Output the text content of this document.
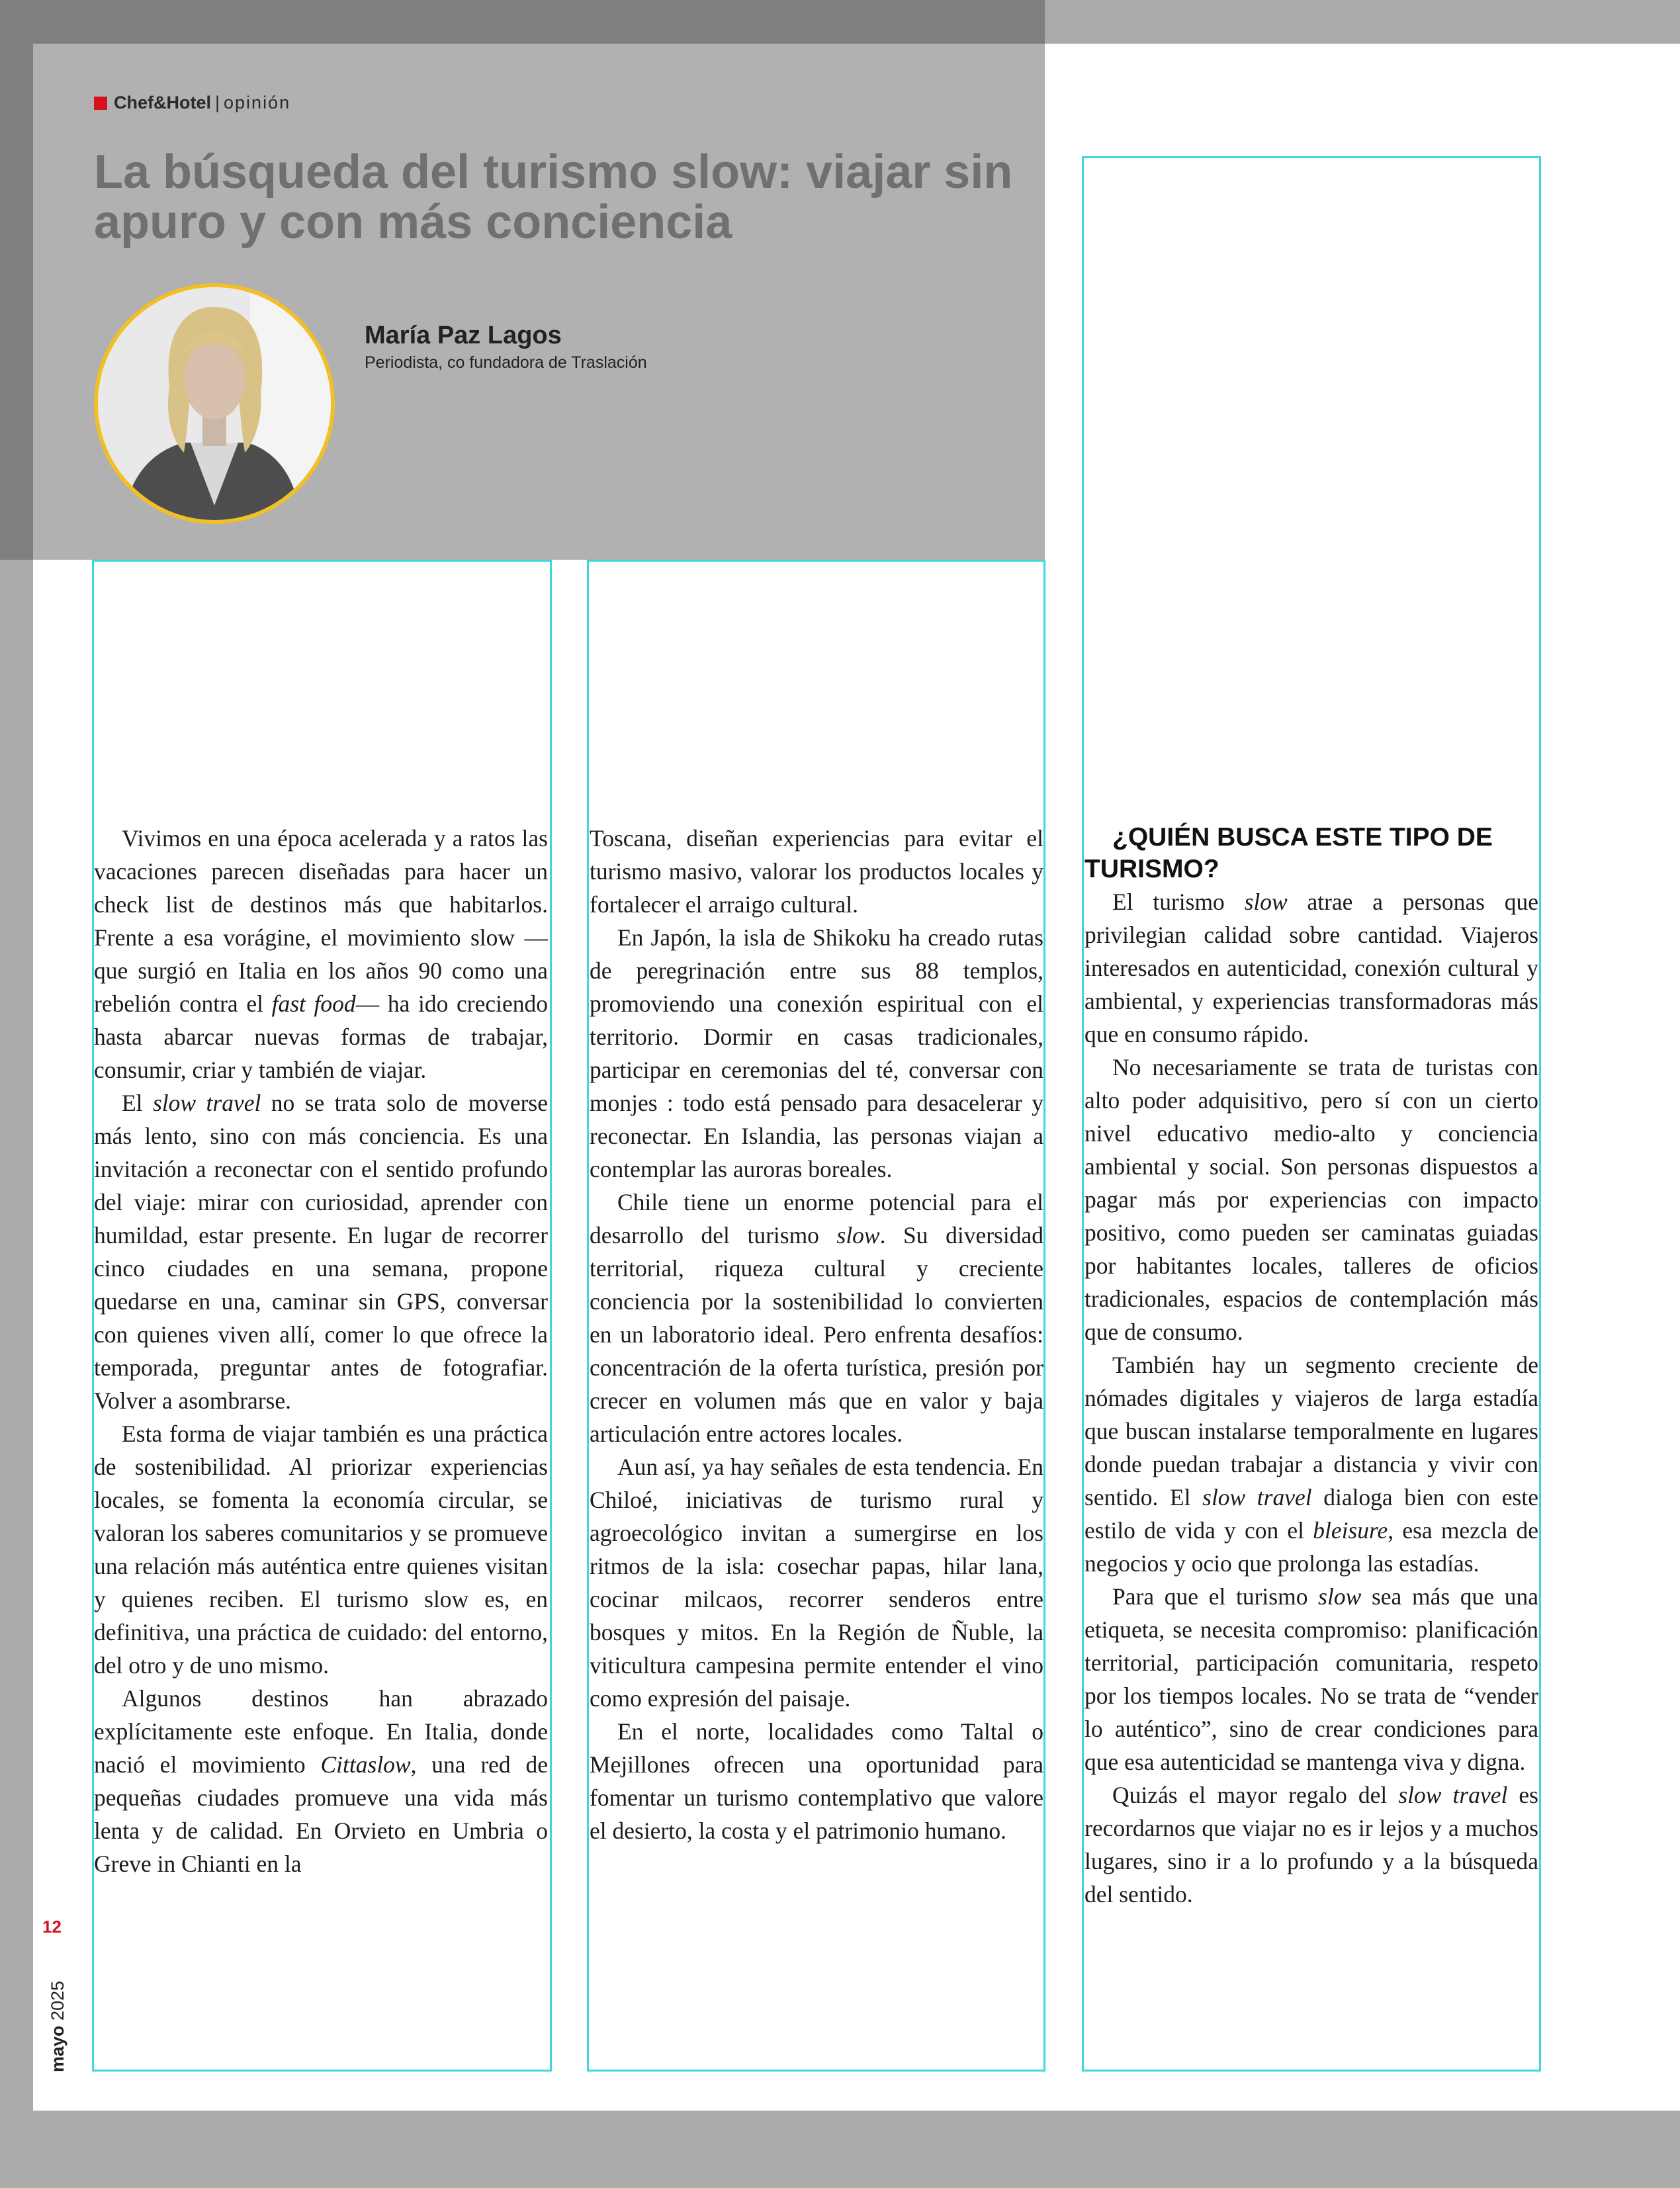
Chef&Hotel | opinión
La búsqueda del turismo slow: viajar sin apuro y con más conciencia
María Paz Lagos
Periodista, co fundadora de Traslación

Vivimos en una época acelerada y a ratos las vacaciones parecen diseñadas para hacer un check list de destinos más que habitarlos. Frente a esa vorágine, el movimiento slow —que surgió en Italia en los años 90 como una rebelión contra el fast food— ha ido creciendo hasta abarcar nuevas formas de trabajar, consumir, criar y también de viajar.

El slow travel no se trata solo de moverse más lento, sino con más conciencia. Es una invitación a reconectar con el sentido profundo del viaje: mirar con curiosidad, aprender con humildad, estar presente. En lugar de recorrer cinco ciudades en una semana, propone quedarse en una, caminar sin GPS, conversar con quienes viven allí, comer lo que ofrece la temporada, preguntar antes de fotografiar. Volver a asombrarse.

Esta forma de viajar también es una práctica de sostenibilidad. Al priorizar experiencias locales, se fomenta la economía circular, se valoran los saberes comunitarios y se promueve una relación más auténtica entre quienes visitan y quienes reciben. El turismo slow es, en definitiva, una práctica de cuidado: del entorno, del otro y de uno mismo.

Algunos destinos han abrazado explícitamente este enfoque. En Italia, donde nació el movimiento Cittaslow, una red de pequeñas ciudades promueve una vida más lenta y de calidad. En Orvieto en Umbria o Greve in Chianti en la

Toscana, diseñan experiencias para evitar el turismo masivo, valorar los productos locales y fortalecer el arraigo cultural.

En Japón, la isla de Shikoku ha creado rutas de peregrinación entre sus 88 templos, promoviendo una conexión espiritual con el territorio. Dormir en casas tradicionales, participar en ceremonias del té, conversar con monjes : todo está pensado para desacelerar y reconectar. En Islandia, las personas viajan a contemplar las auroras boreales.

Chile tiene un enorme potencial para el desarrollo del turismo slow. Su diversidad territorial, riqueza cultural y creciente conciencia por la sostenibilidad lo convierten en un laboratorio ideal. Pero enfrenta desafíos: concentración de la oferta turística, presión por crecer en volumen más que en valor y baja articulación entre actores locales.

Aun así, ya hay señales de esta tendencia. En Chiloé, iniciativas de turismo rural y agroecológico invitan a sumergirse en los ritmos de la isla: cosechar papas, hilar lana, cocinar milcaos, recorrer senderos entre bosques y mitos. En la Región de Ñuble, la viticultura campesina permite entender el vino como expresión del paisaje.

En el norte, localidades como Taltal o Mejillones ofrecen una oportunidad para fomentar un turismo contemplativo que valore el desierto, la costa y el patrimonio humano.

¿QUIÉN BUSCA ESTE TIPO DE TURISMO?

El turismo slow atrae a personas que privilegian calidad sobre cantidad. Viajeros interesados en autenticidad, conexión cultural y ambiental, y experiencias transformadoras más que en consumo rápido.

No necesariamente se trata de turistas con alto poder adquisitivo, pero sí con un cierto nivel educativo medio-alto y conciencia ambiental y social. Son personas dispuestos a pagar más por experiencias con impacto positivo, como pueden ser caminatas guiadas por habitantes locales, talleres de oficios tradicionales, espacios de contemplación más que de consumo.

También hay un segmento creciente de nómades digitales y viajeros de larga estadía que buscan instalarse temporalmente en lugares donde puedan trabajar a distancia y vivir con sentido. El slow travel dialoga bien con este estilo de vida y con el bleisure, esa mezcla de negocios y ocio que prolonga las estadías.

Para que el turismo slow sea más que una etiqueta, se necesita compromiso: planificación territorial, participación comunitaria, respeto por los tiempos locales. No se trata de “vender lo auténtico”, sino de crear condiciones para que esa autenticidad se mantenga viva y digna.

Quizás el mayor regalo del slow travel es recordarnos que viajar no es ir lejos y a muchos lugares, sino ir a lo profundo y a la búsqueda del sentido.

12
mayo 2025
